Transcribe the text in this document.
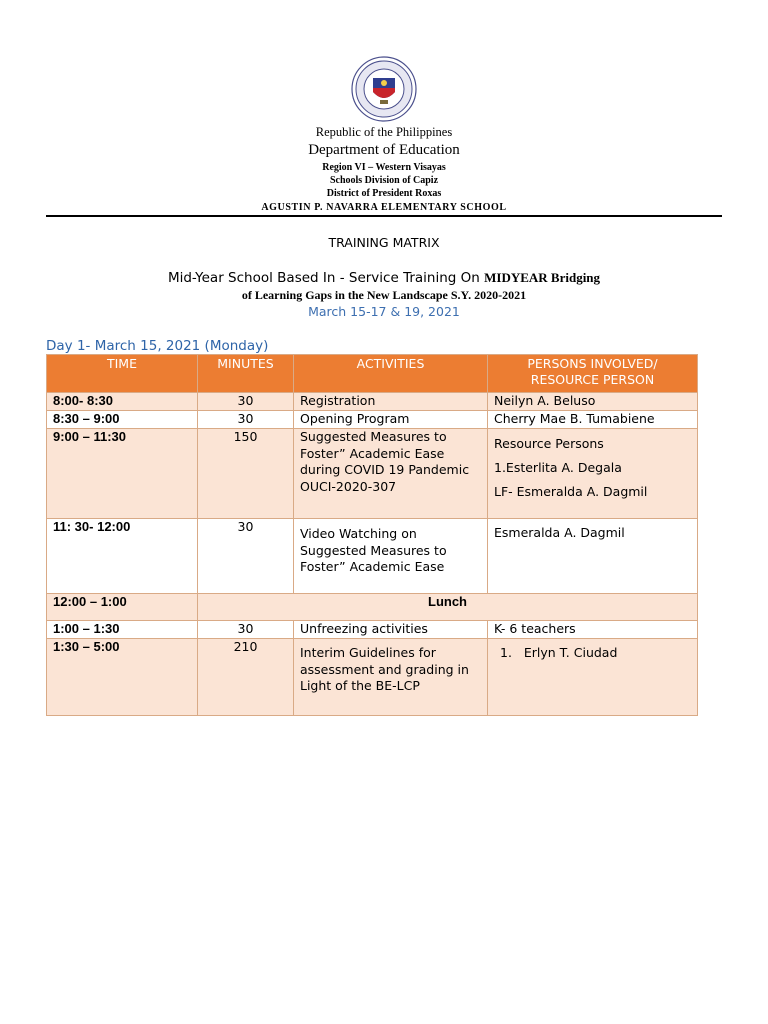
Republic of the Philippines
Department of Education
Region VI – Western Visayas
Schools Division of Capiz
District of President Roxas
AGUSTIN P. NAVARRA ELEMENTARY SCHOOL
TRAINING MATRIX
Mid-Year School Based In - Service Training On MIDYEAR Bridging
of Learning Gaps in the New Landscape S.Y. 2020-2021
March 15-17 & 19, 2021
Day 1- March 15, 2021 (Monday)
TIME	MINUTES	ACTIVITIES	PERSONS INVOLVED/
RESOURCE PERSON

8:00- 8:30	30	Registration	Neilyn A. Beluso
8:30 – 9:00	30	Opening Program	Cherry Mae B. Tumabiene
9:00 – 11:30	150	Suggested Measures to Foster” Academic Ease during COVID 19 Pandemic OUCI-2020-307	Resource Persons
1.Esterlita A. Degala
LF- Esmeralda A. Dagmil

11: 30- 12:00	30	Video Watching on Suggested Measures to Foster” Academic Ease	Esmeralda A. Dagmil
12:00 – 1:00	Lunch		
1:00 – 1:30	30	Unfreezing activities	K- 6 teachers
1:30 – 5:00	210	Interim Guidelines for assessment and grading in Light of the BE-LCP	1.   Erlyn T. Ciudad
